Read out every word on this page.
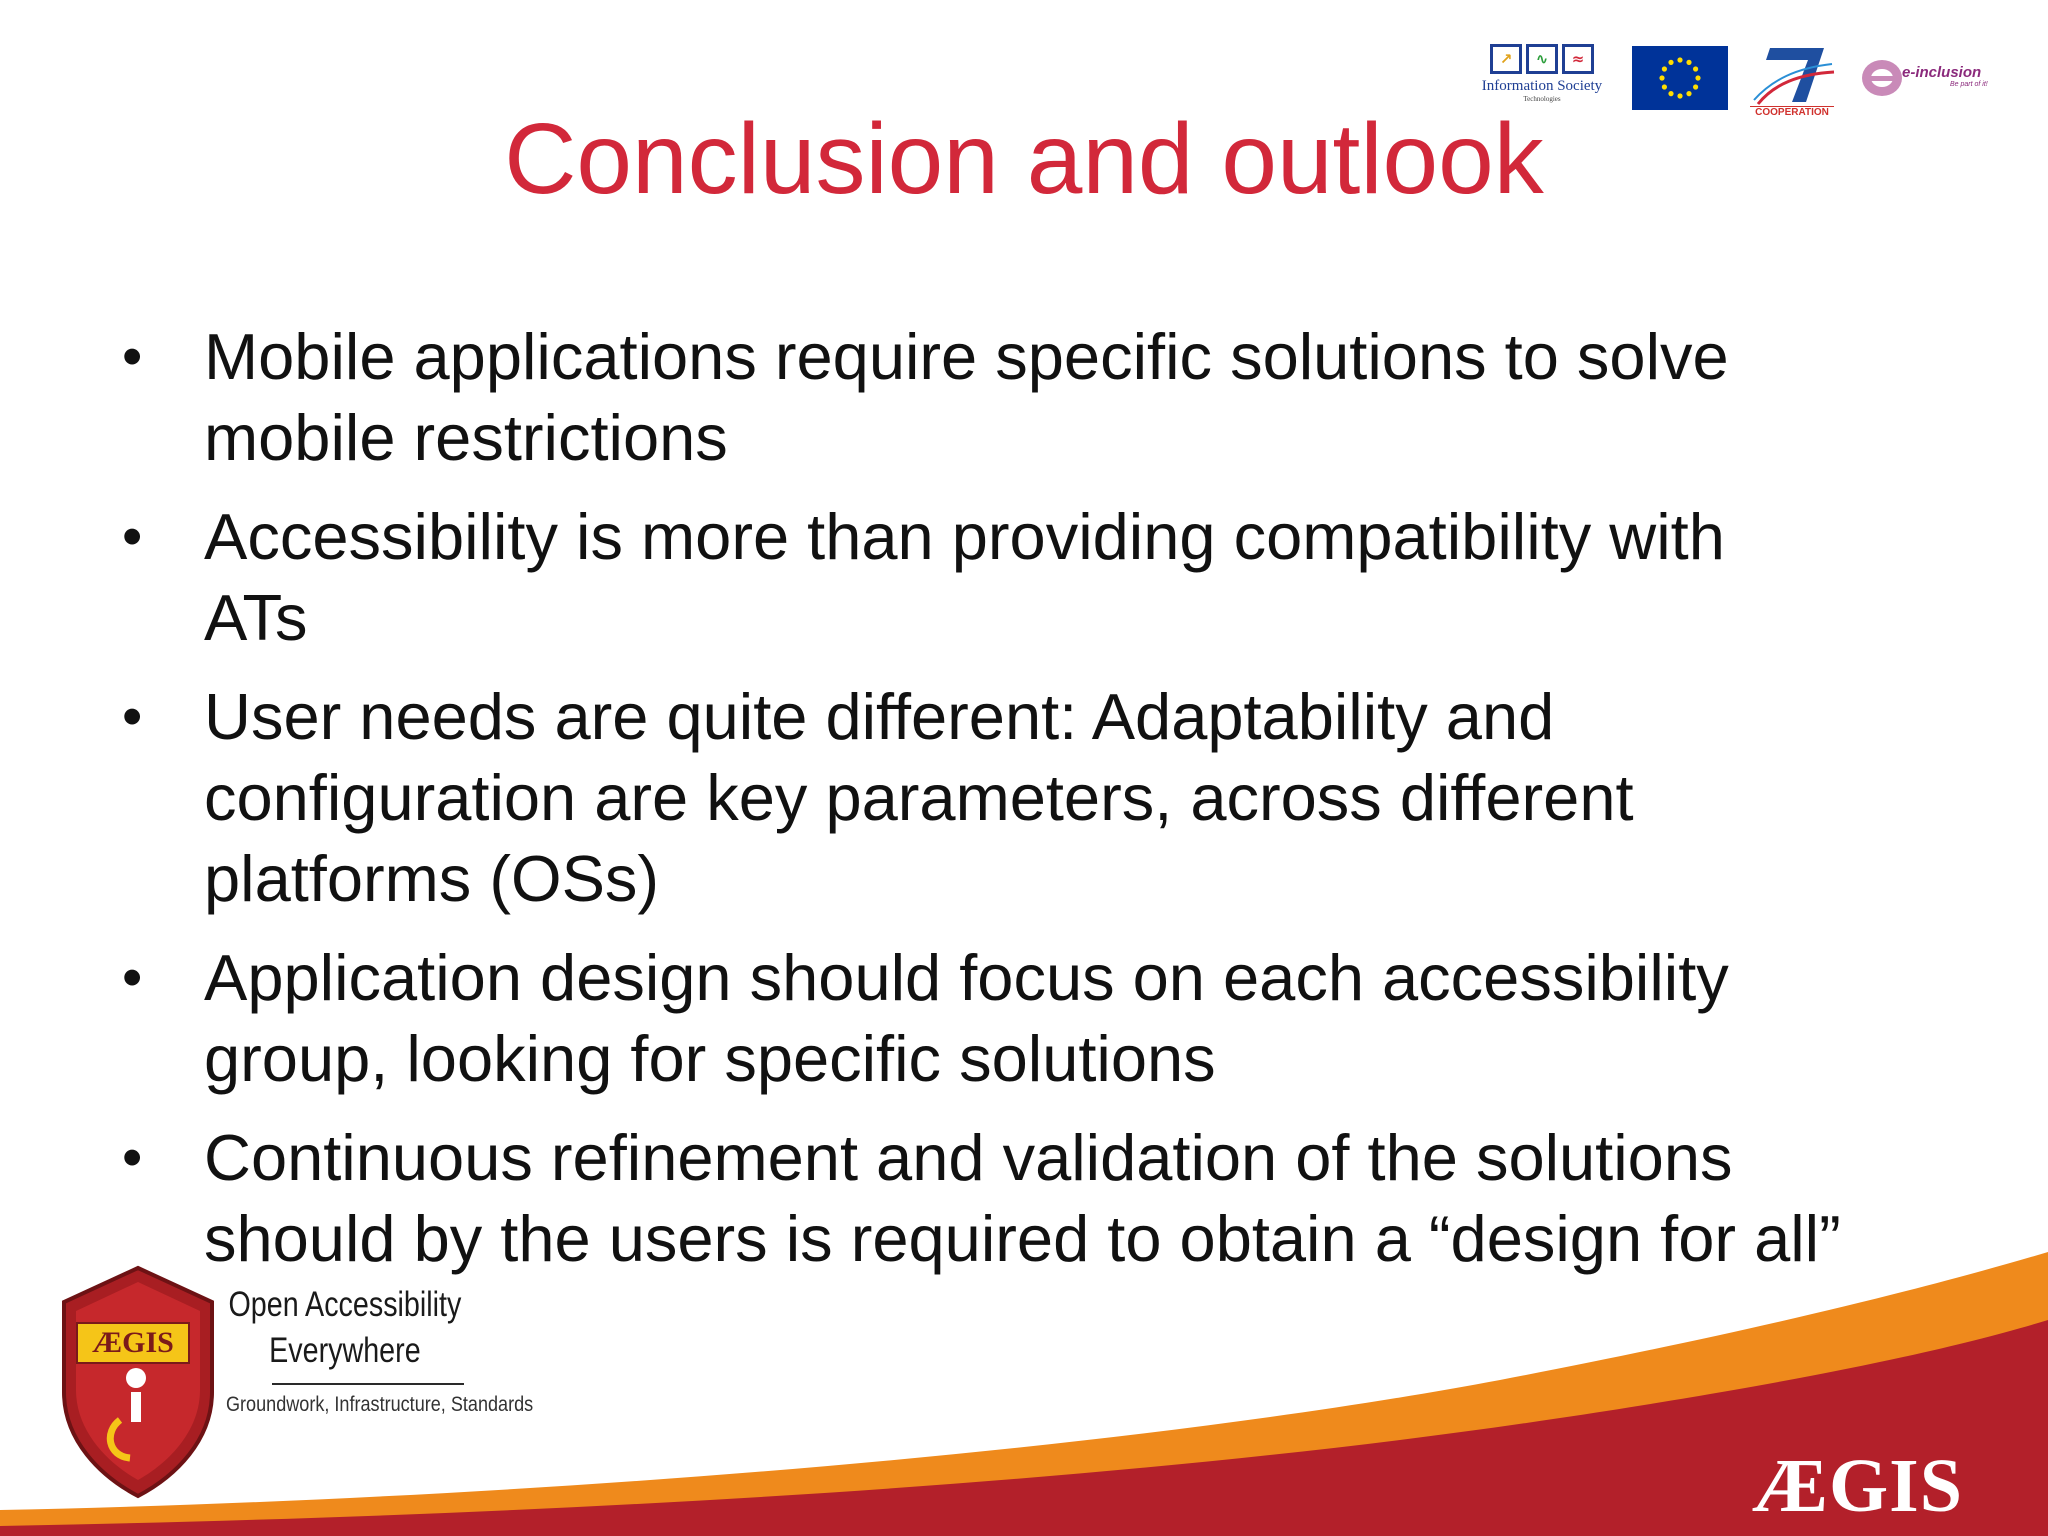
↗	∿	≈
Information Society
Technologies
COOPERATION
e-inclusion
Be part of it!
Conclusion and outlook
• Mobile applications require specific solutions to solve
mobile restrictions
• Accessibility is more than providing compatibility with
ATs
• User needs are quite different: Adaptability and
configuration are key parameters, across different
platforms (OSs)
• Application design should focus on each accessibility
group, looking for specific solutions
• Continuous refinement and validation of the solutions
should by the users is required to obtain a “design for all”
ÆGIS
Open Accessibility
Everywhere
Groundwork, Infrastructure, Standards
ÆGIS
